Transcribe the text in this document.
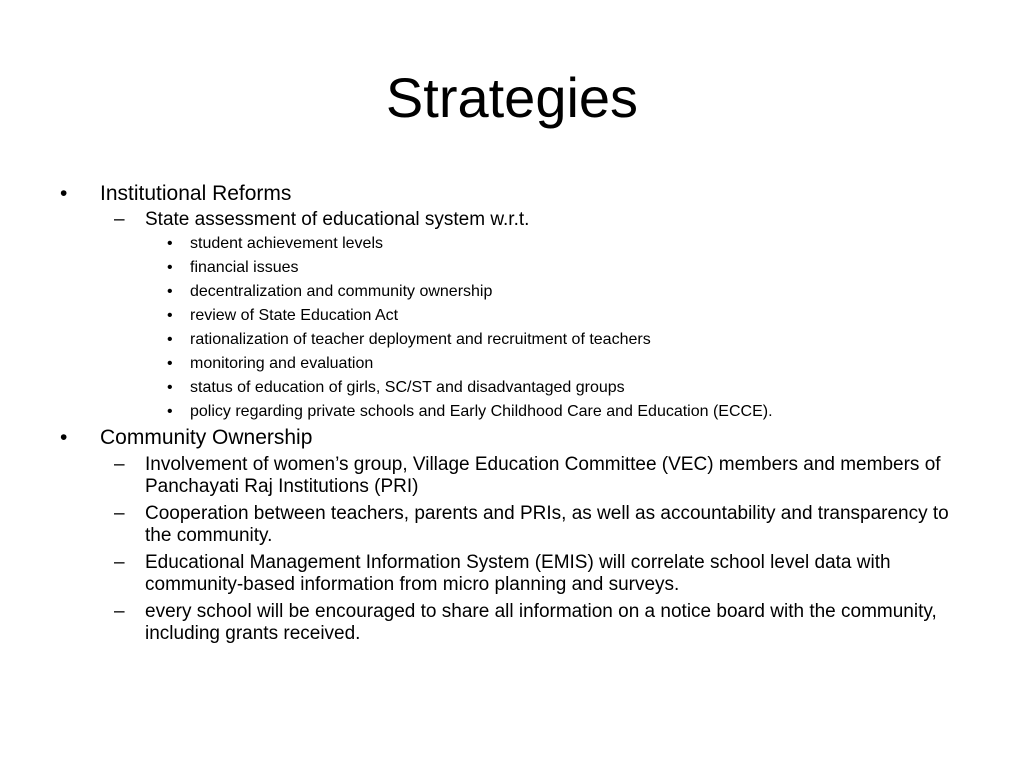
Strategies
• Institutional Reforms
– State assessment of educational system w.r.t.
• student achievement levels
• financial issues
• decentralization and community ownership
• review of State Education Act
• rationalization of teacher deployment and recruitment of teachers
• monitoring and evaluation
• status of education of girls, SC/ST and disadvantaged groups
• policy regarding private schools and Early Childhood Care and Education (ECCE).
• Community Ownership
– Involvement of women’s group, Village Education Committee (VEC) members and members of Panchayati Raj Institutions (PRI)
– Cooperation between teachers, parents and PRIs, as well as accountability and transparency to the community.
– Educational Management Information System (EMIS) will correlate school level data with community-based information from micro planning and surveys.
– every school will be encouraged to share all information on a notice board with the community, including grants received.
